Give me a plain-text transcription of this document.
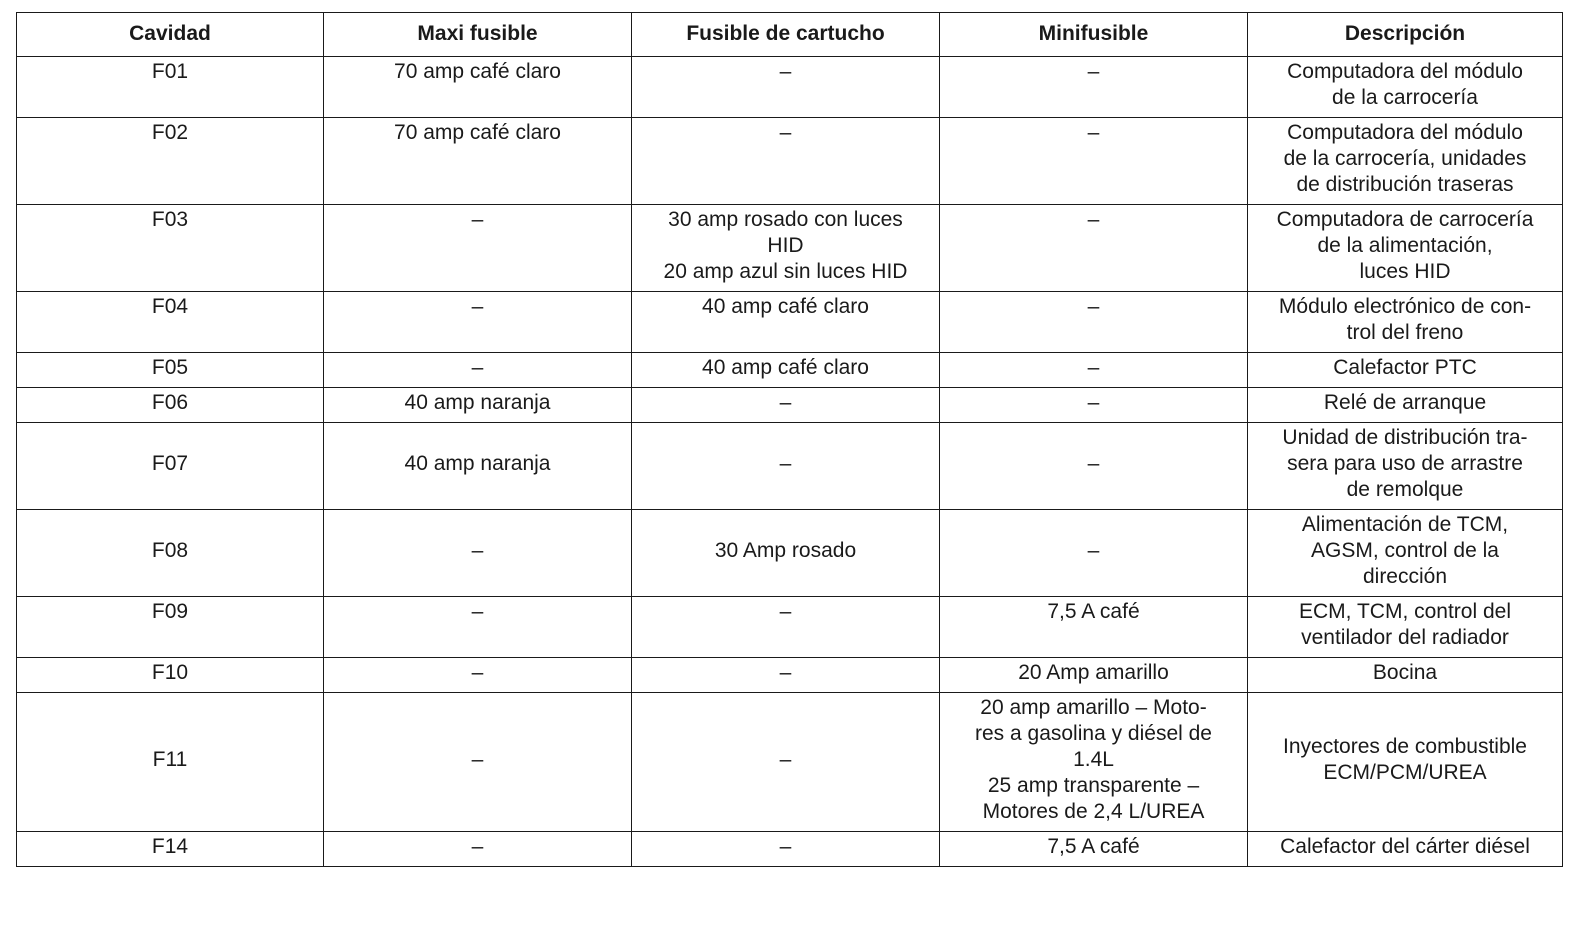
Cavidad	Maxi fusible	Fusible de cartucho	Minifusible	Descripción

F01	70 amp café claro	–	–	Computadora del módulo
de la carrocería

F02	70 amp café claro	–	–	Computadora del módulo
de la carrocería, unidades
de distribución traseras

F03	–	30 amp rosado con luces
HID
20 amp azul sin luces HID	–	Computadora de carrocería
de la alimentación,
luces HID

F04	–	40 amp café claro	–	Módulo electrónico de con-
trol del freno

F05	–	40 amp café claro	–	Calefactor PTC

F06	40 amp naranja	–	–	Relé de arranque

F07	40 amp naranja	–	–	Unidad de distribución tra-
sera para uso de arrastre
de remolque

F08	–	30 Amp rosado	–	Alimentación de TCM,
AGSM, control de la
dirección

F09	–	–	7,5 A café	ECM, TCM, control del
ventilador del radiador

F10	–	–	20 Amp amarillo	Bocina

F11	–	–	20 amp amarillo – Moto-
res a gasolina y diésel de
1.4L
25 amp transparente –
Motores de 2,4 L/UREA	Inyectores de combustible
ECM/PCM/UREA

F14	–	–	7,5 A café	Calefactor del cárter diésel
